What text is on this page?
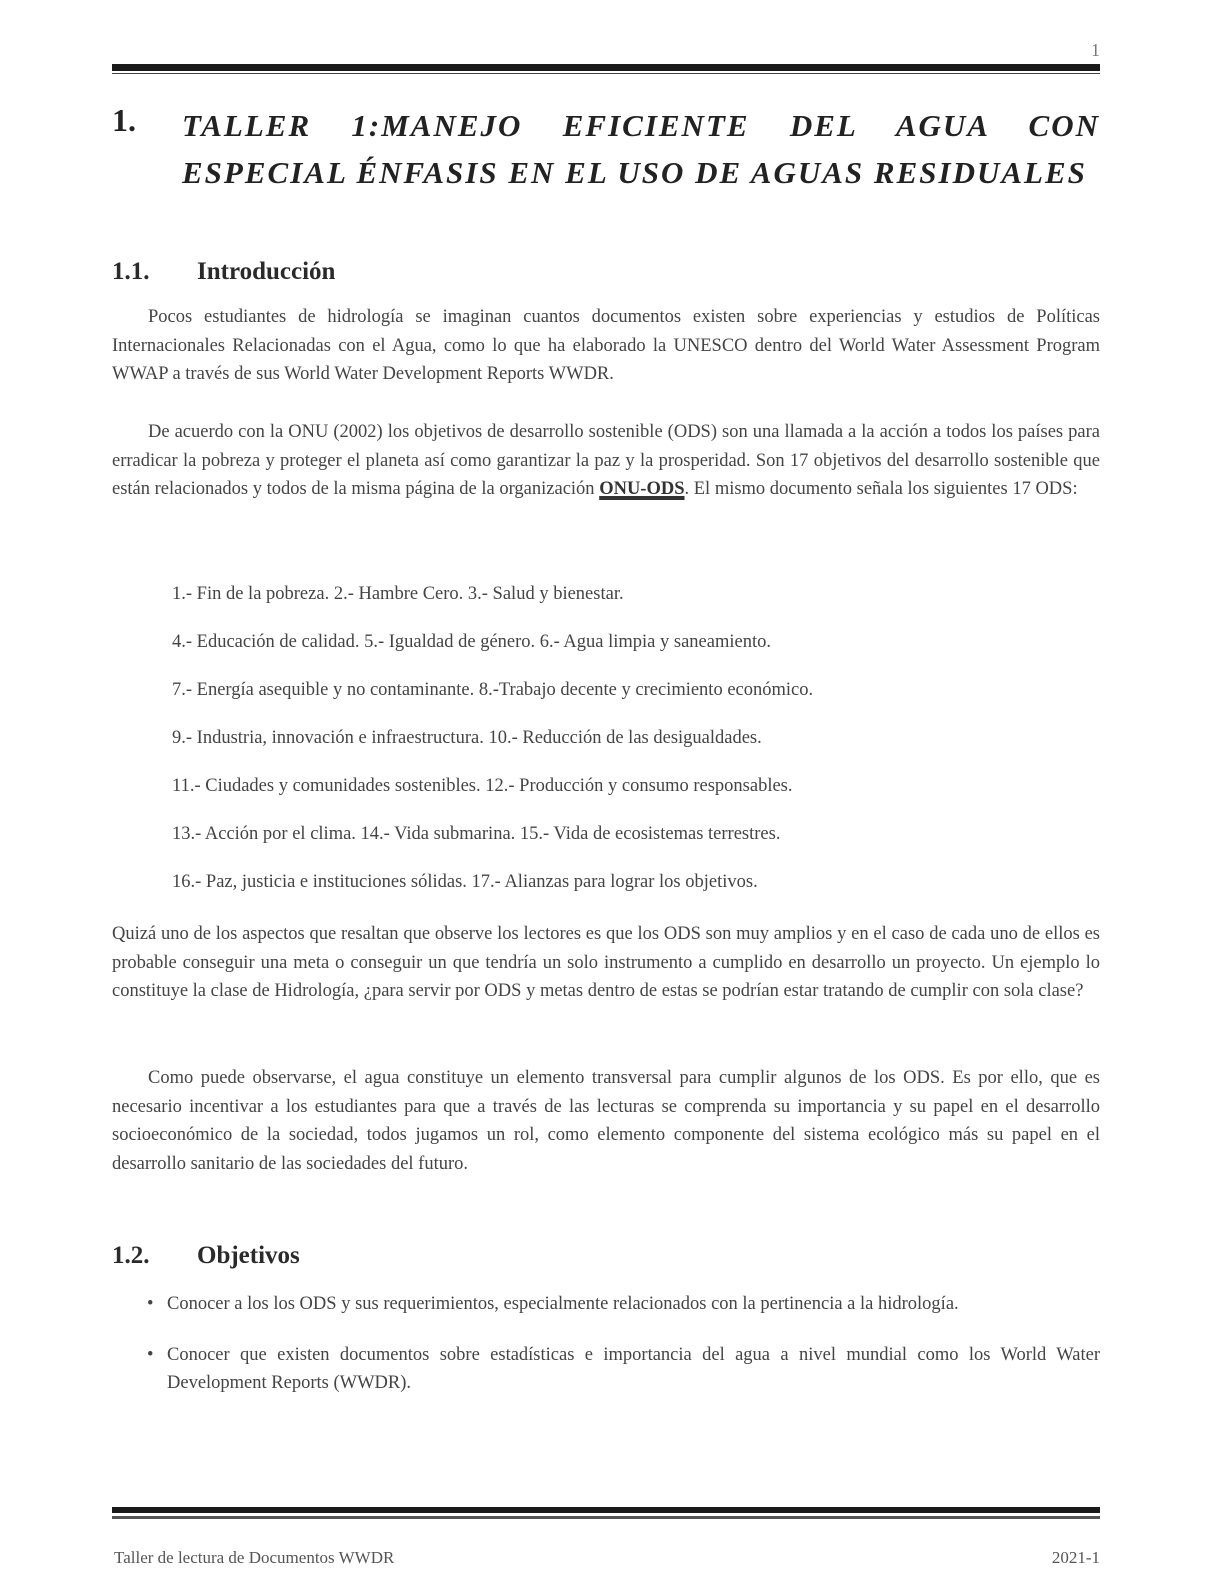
1
1. TALLER 1:MANEJO EFICIENTE DEL AGUA CON ESPECIAL ÉNFASIS EN EL USO DE AGUAS RESIDUALES
1.1. Introducción
Pocos estudiantes de hidrología se imaginan cuantos documentos existen sobre experiencias y estudios de Políticas Internacionales Relacionadas con el Agua, como lo que ha elaborado la UNESCO dentro del World Water Assessment Program WWAP a través de sus World Water Development Reports WWDR.
De acuerdo con la ONU (2002) los objetivos de desarrollo sostenible (ODS) son una llamada a la acción a todos los países para erradicar la pobreza y proteger el planeta así como garantizar la paz y la prosperidad. Son 17 objetivos del desarrollo sostenible que están relacionados y todos de la misma página de la organización ONU-ODS. El mismo documento señala los siguientes 17 ODS:
1.- Fin de la pobreza. 2.- Hambre Cero. 3.- Salud y bienestar.
4.- Educación de calidad. 5.- Igualdad de género. 6.- Agua limpia y saneamiento.
7.- Energía asequible y no contaminante. 8.-Trabajo decente y crecimiento económico.
9.- Industria, innovación e infraestructura. 10.- Reducción de las desigualdades.
11.- Ciudades y comunidades sostenibles. 12.- Producción y consumo responsables.
13.- Acción por el clima. 14.- Vida submarina. 15.- Vida de ecosistemas terrestres.
16.- Paz, justicia e instituciones sólidas. 17.- Alianzas para lograr los objetivos.
Quizá uno de los aspectos que resaltan que observe los lectores es que los ODS son muy amplios y en el caso de cada uno de ellos es probable conseguir una meta o conseguir un que tendría un solo instrumento a cumplido en desarrollo un proyecto. Un ejemplo lo constituye la clase de Hidrología, ¿para servir por ODS y metas dentro de estas se podrían estar tratando de cumplir con sola clase?
Como puede observarse, el agua constituye un elemento transversal para cumplir algunos de los ODS. Es por ello, que es necesario incentivar a los estudiantes para que a través de las lecturas se comprenda su importancia y su papel en el desarrollo socioeconómico de la sociedad, todos jugamos un rol, como elemento componente del sistema ecológico más su papel en el desarrollo sanitario de las sociedades del futuro.
1.2. Objetivos
• Conocer a los los ODS y sus requerimientos, especialmente relacionados con la pertinencia a la hidrología.
• Conocer que existen documentos sobre estadísticas e importancia del agua a nivel mundial como los World Water Development Reports (WWDR).
Taller de lectura de Documentos WWDR	2021-1
